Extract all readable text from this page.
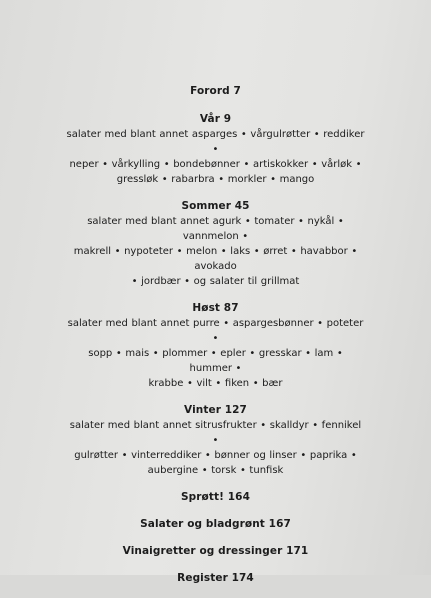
Forord 7

Vår 9

salater med blant annet asparges • vårgulrøtter • reddiker •
neper • vårkylling • bondebønner • artiskokker • vårløk •
gressløk • rabarbra • morkler • mango

Sommer 45

salater med blant annet agurk • tomater • nykål • vannmelon •
makrell • nypoteter • melon • laks • ørret • havabbor • avokado
• jordbær • og salater til grillmat

Høst 87

salater med blant annet purre • aspargesbønner • poteter •
sopp • mais • plommer • epler • gresskar • lam • hummer •
krabbe • vilt • fiken • bær

Vinter 127

salater med blant annet sitrusfrukter • skalldyr • fennikel •
gulrøtter • vinterreddiker • bønner og linser • paprika •
aubergine • torsk • tunfisk

Sprøtt! 164

Salater og bladgrønt 167

Vinaigretter og dressinger 171

Register 174
